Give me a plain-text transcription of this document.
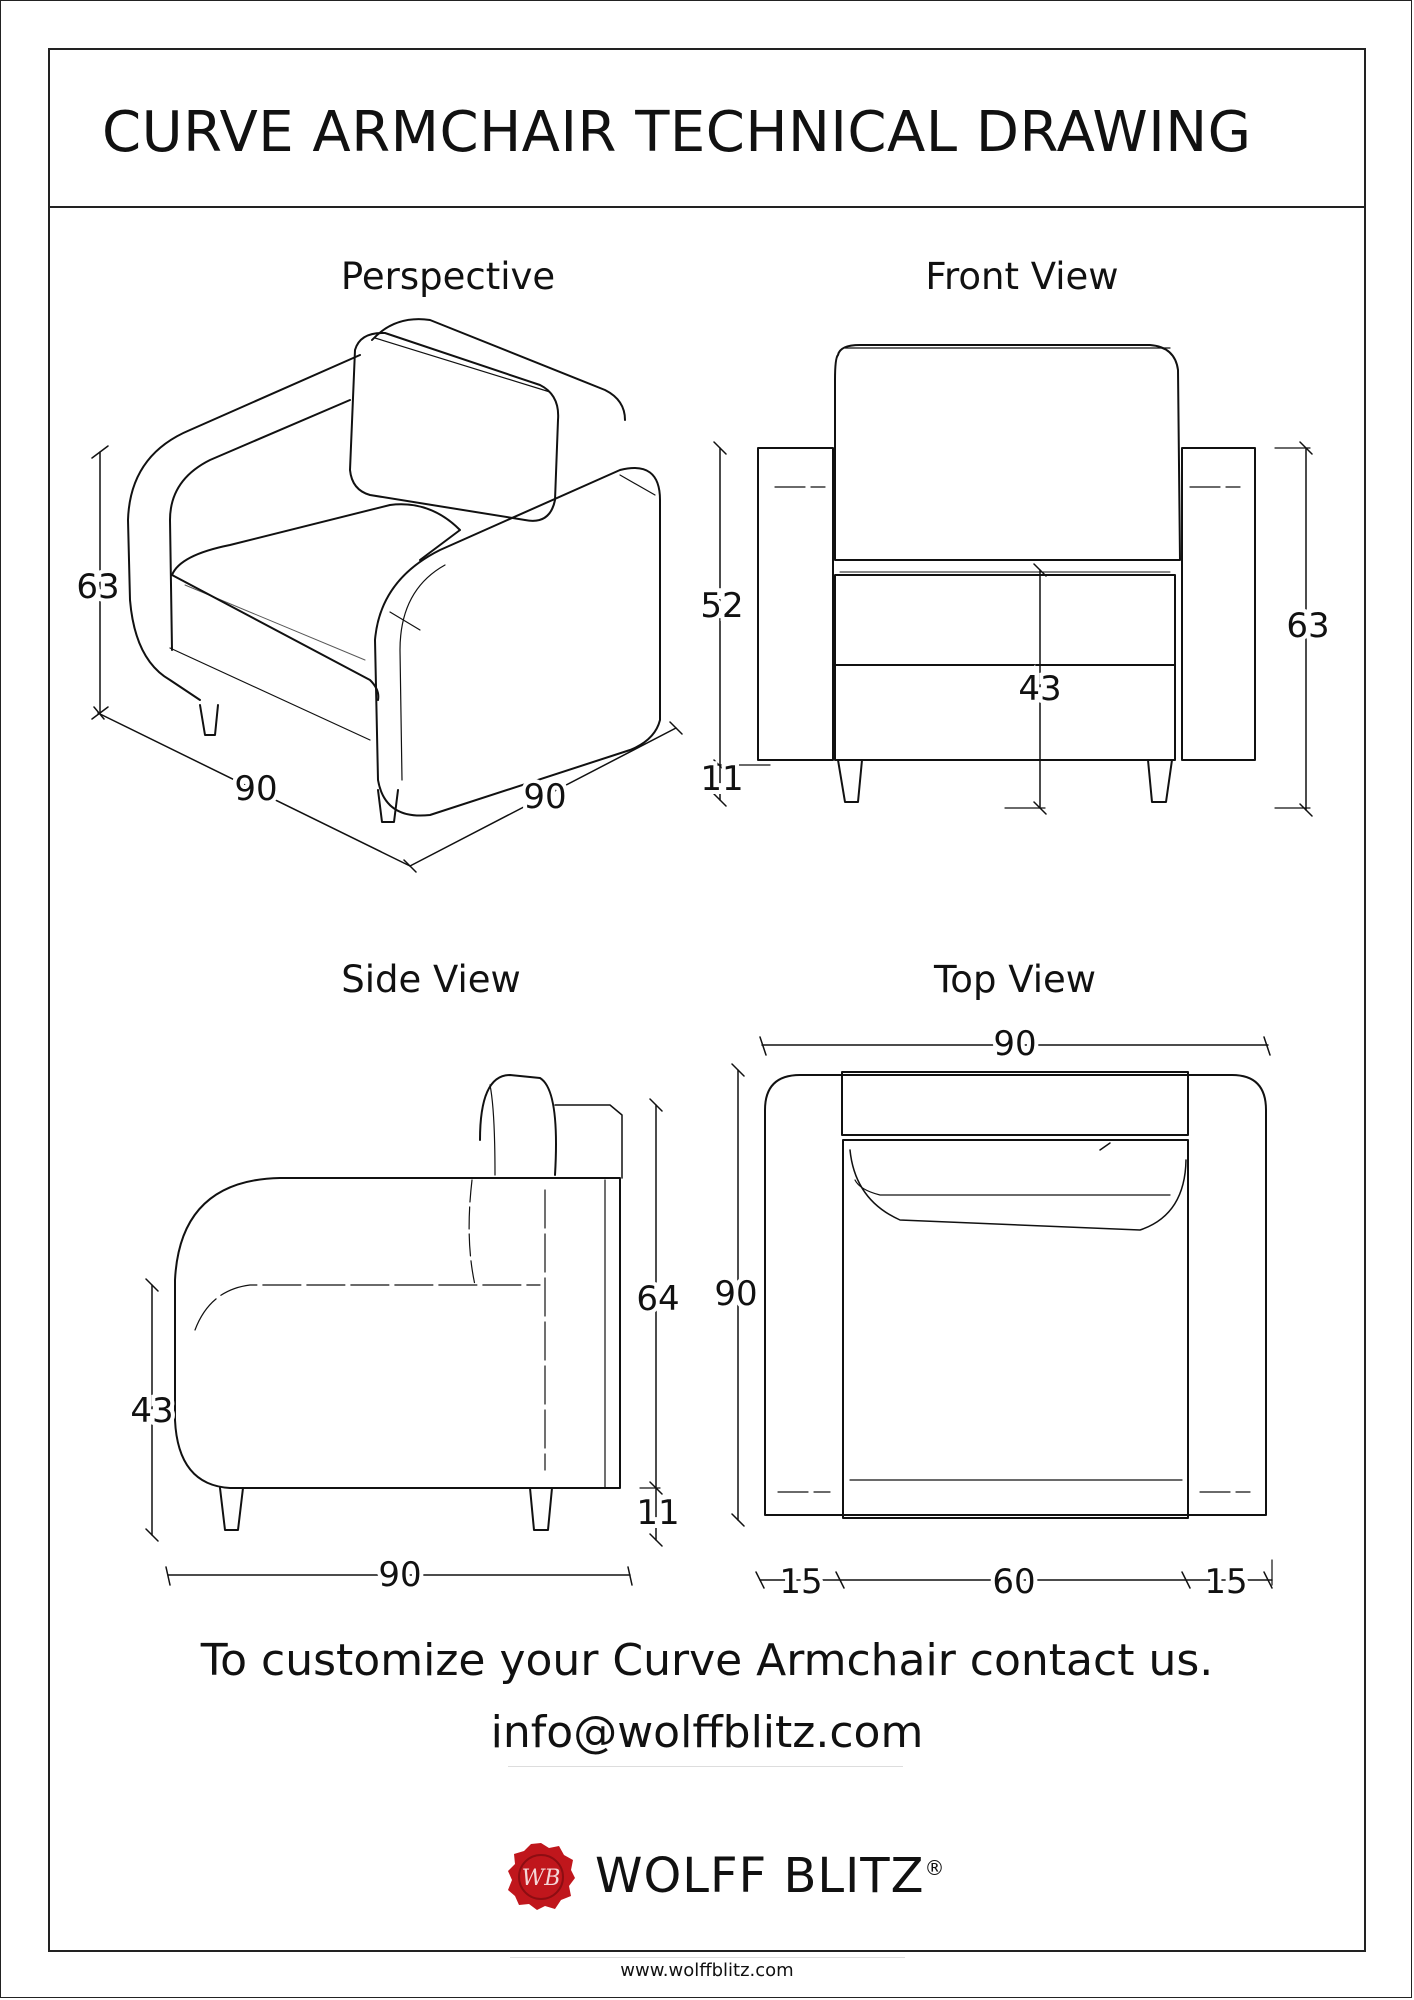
CURVE ARMCHAIR TECHNICAL DRAWING
Perspective	Front View
Side View	Top View
63
90	90
52
43
11
63
64
43
11
90
90
90
15	60	15
To customize your Curve Armchair contact us.
info@wolffblitz.com
WB WOLFF BLITZ®
www.wolffblitz.com
